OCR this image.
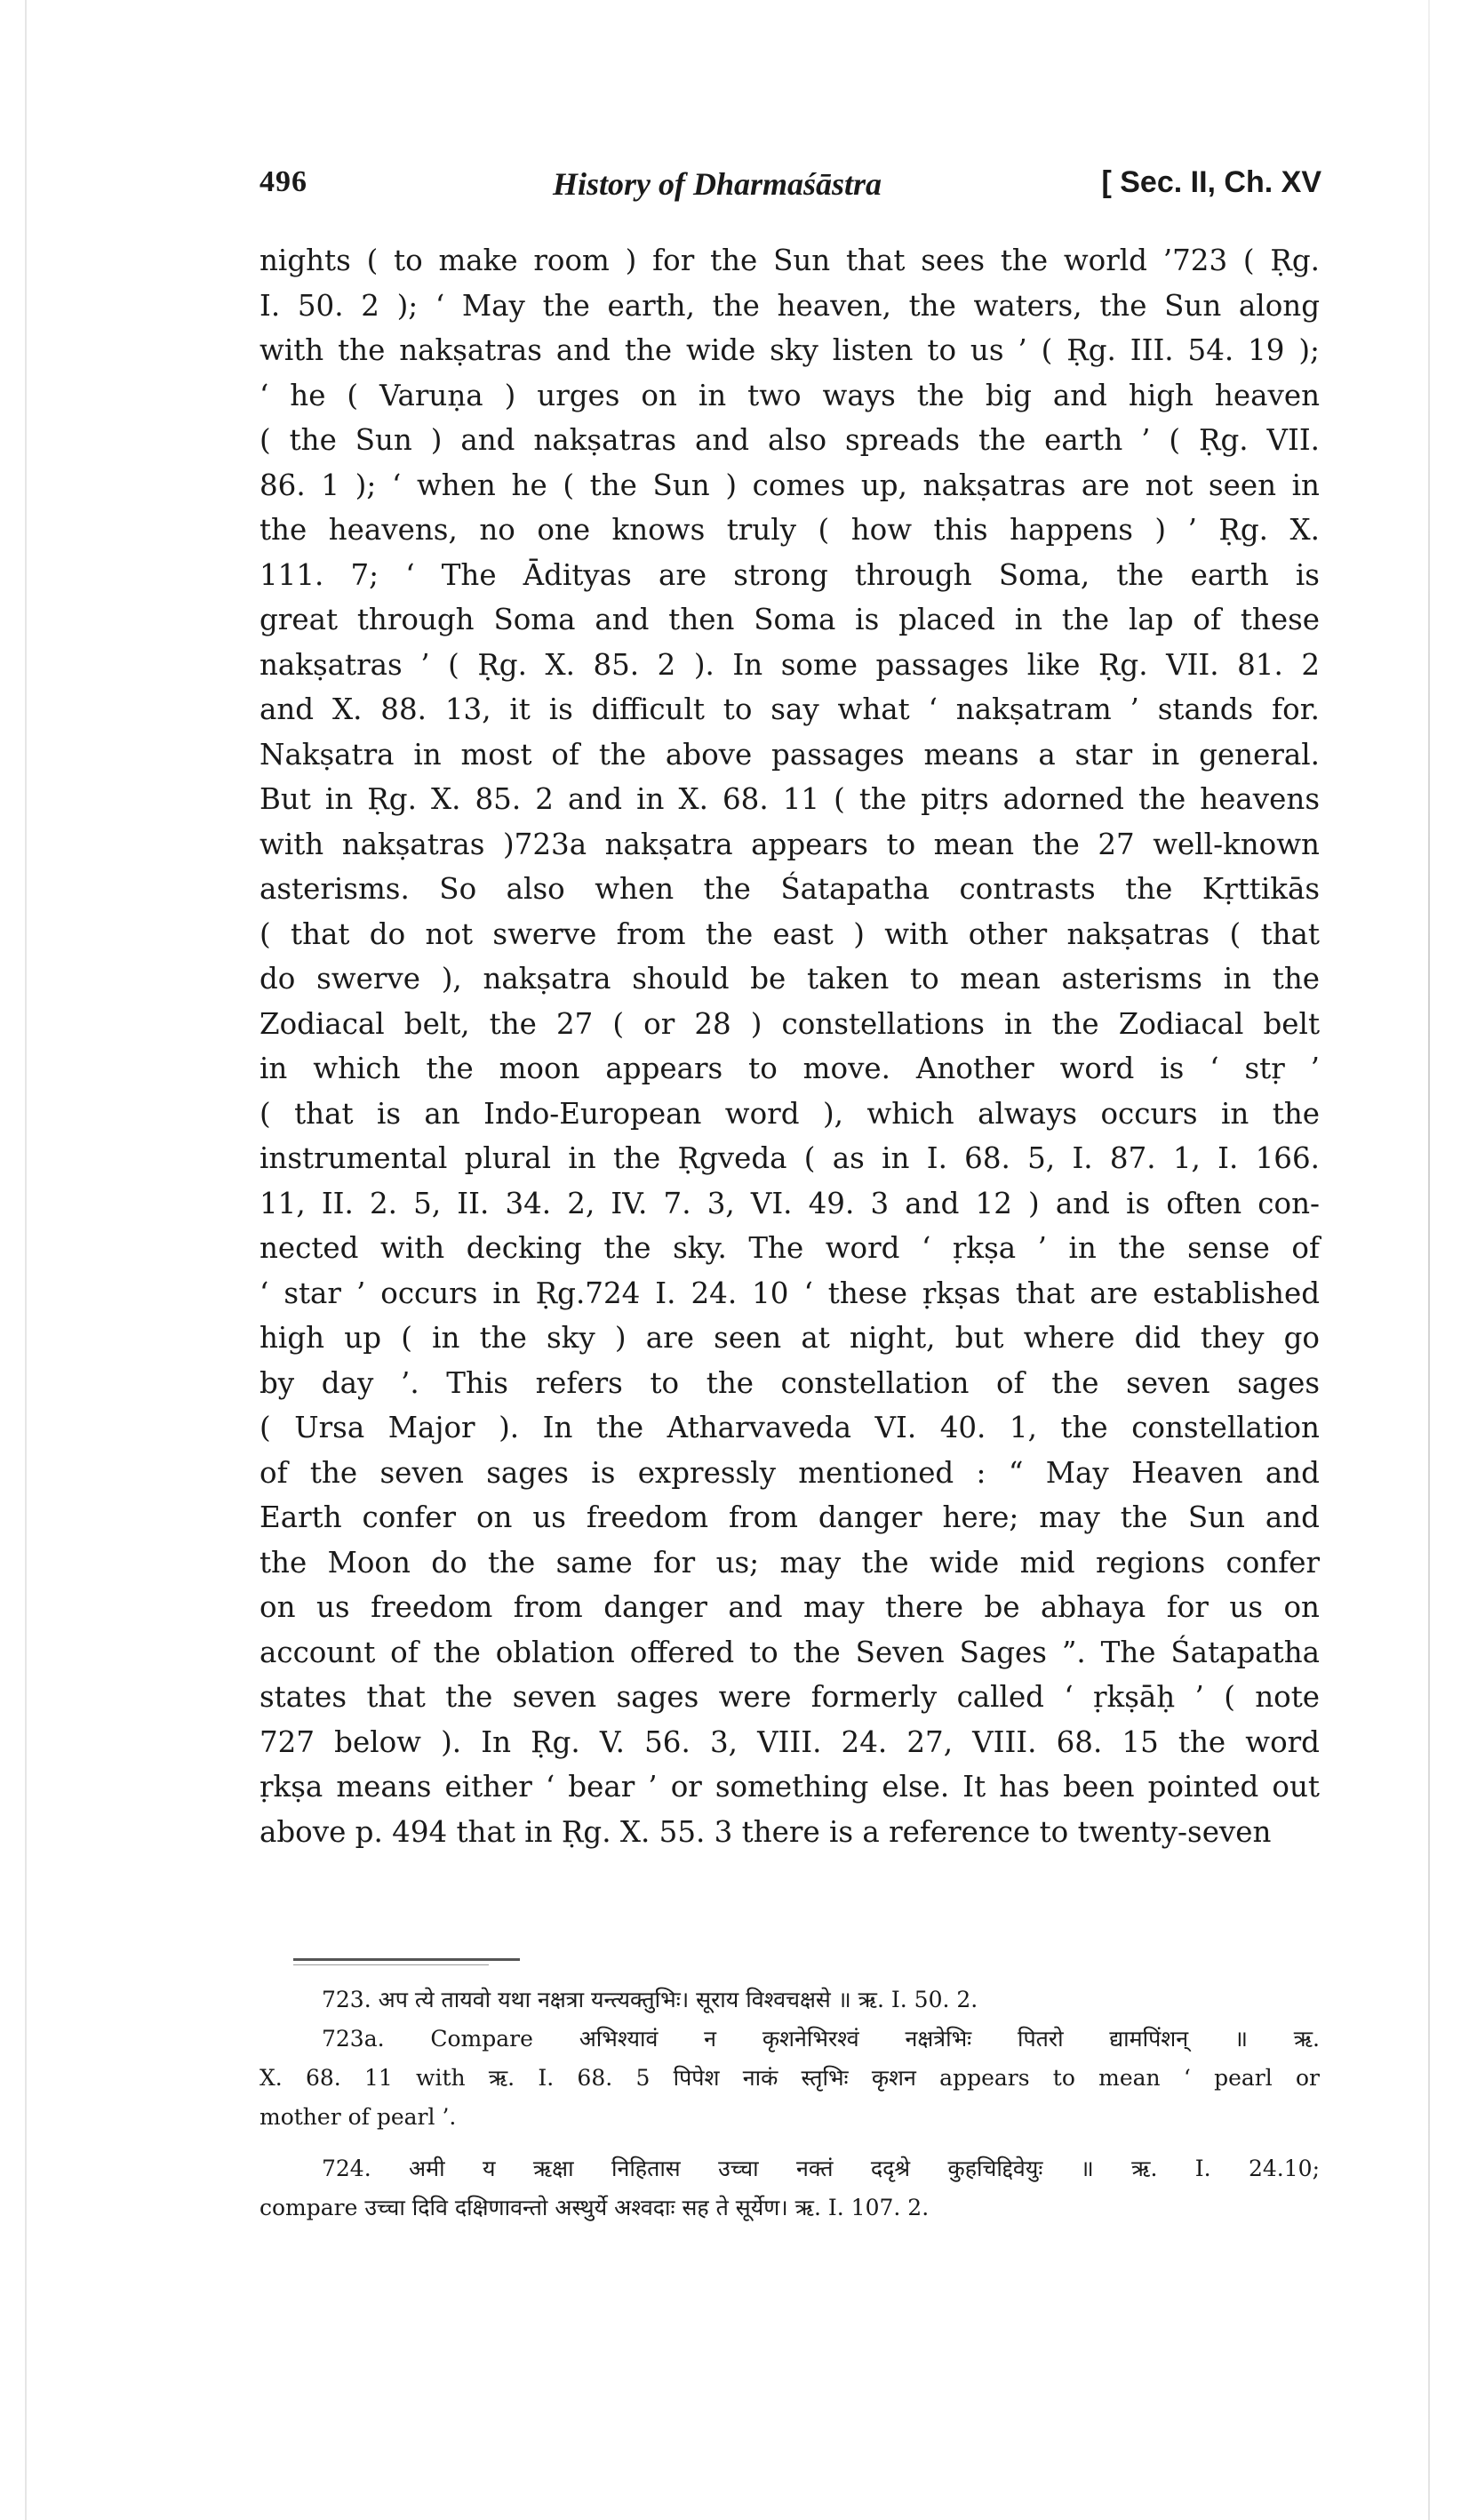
496	History of Dharmaśāstra	[ Sec. II, Ch. XV
nights ( to make room ) for the Sun that sees the world ’723 ( Ṛg.
I. 50. 2 ); ‘ May the earth, the heaven, the waters, the Sun along
with the nakṣatras and the wide sky listen to us ’ ( Ṛg. III. 54. 19 );
‘ he ( Varuṇa ) urges on in two ways the big and high heaven
( the Sun ) and nakṣatras and also spreads the earth ’ ( Ṛg. VII.
86. 1 ); ‘ when he ( the Sun ) comes up, nakṣatras are not seen in
the heavens, no one knows truly ( how this happens ) ’ Ṛg. X.
111. 7; ‘ The Ādityas are strong through Soma, the earth is
great through Soma and then Soma is placed in the lap of these
nakṣatras ’ ( Ṛg. X. 85. 2 ). In some passages like Ṛg. VII. 81. 2
and X. 88. 13, it is difficult to say what ‘ nakṣatram ’ stands for.
Nakṣatra in most of the above passages means a star in general.
But in Ṛg. X. 85. 2 and in X. 68. 11 ( the pitṛs adorned the heavens
with nakṣatras )723a nakṣatra appears to mean the 27 well-known
asterisms. So also when the Śatapatha contrasts the Kṛttikās
( that do not swerve from the east ) with other nakṣatras ( that
do swerve ), nakṣatra should be taken to mean asterisms in the
Zodiacal belt, the 27 ( or 28 ) constellations in the Zodiacal belt
in which the moon appears to move. Another word is ‘ stṛ ’
( that is an Indo-European word ), which always occurs in the
instrumental plural in the Ṛgveda ( as in I. 68. 5, I. 87. 1, I. 166.
11, II. 2. 5, II. 34. 2, IV. 7. 3, VI. 49. 3 and 12 ) and is often con-
nected with decking the sky. The word ‘ ṛkṣa ’ in the sense of
‘ star ’ occurs in Ṛg.724 I. 24. 10 ‘ these ṛkṣas that are established
high up ( in the sky ) are seen at night, but where did they go
by day ’. This refers to the constellation of the seven sages
( Ursa Major ). In the Atharvaveda VI. 40. 1, the constellation
of the seven sages is expressly mentioned : “ May Heaven and
Earth confer on us freedom from danger here; may the Sun and
the Moon do the same for us; may the wide mid regions confer
on us freedom from danger and may there be abhaya for us on
account of the oblation offered to the Seven Sages ”. The Śatapatha
states that the seven sages were formerly called ‘ ṛkṣāḥ ’ ( note
727 below ). In Ṛg. V. 56. 3, VIII. 24. 27, VIII. 68. 15 the word
ṛkṣa means either ‘ bear ’ or something else. It has been pointed out
above p. 494 that in Ṛg. X. 55. 3 there is a reference to twenty-seven
723. अप त्ये तायवो यथा नक्षत्रा यन्त्यक्तुभिः। सूराय विश्वचक्षसे ॥ ऋ. I. 50. 2.
723a. Compare अभिश्यावं न कृशनेभिरश्वं नक्षत्रेभिः पितरो द्यामपिंशन् ॥ ऋ.
X. 68. 11 with ऋ. I. 68. 5 पिपेश नाकं स्तृभिः कृशन appears to mean ‘ pearl or
mother of pearl ’.
724. अमी य ऋक्षा निहितास उच्चा नक्तं ददृश्रे कुहचिद्दिवेयुः ॥ ऋ. I. 24.10;
compare उच्चा दिवि दक्षिणावन्तो अस्थुर्ये अश्वदाः सह ते सूर्येण। ऋ. I. 107. 2.
